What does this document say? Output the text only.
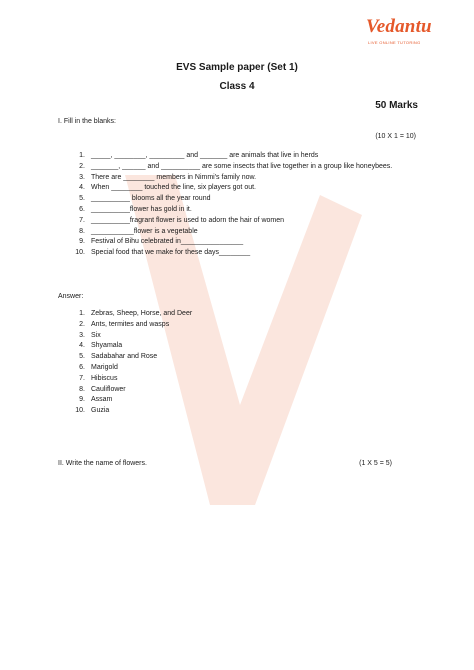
Vedantu
LIVE ONLINE TUTORING
EVS Sample paper (Set 1)
Class 4
50 Marks
I. Fill in the blanks:
(10 X 1 = 10)
1. _____, ________, _________ and _______ are animals that live in herds
2. _______, ______ and __________ are some insects that live together in a group like honeybees.
3. There are ________ members in Nimmi's family now.
4. When ________ touched the line, six players got out.
5. __________ blooms all the year round
6. __________flower has gold in it.
7. __________fragrant flower is used to adorn the hair of women
8. ___________flower is a vegetable
9. Festival of Bihu celebrated in________________
10. Special food that we make for these days________
Answer:
1. Zebras, Sheep, Horse, and Deer
2. Ants, termites and wasps
3. Six
4. Shyamala
5. Sadabahar and Rose
6. Marigold
7. Hibiscus
8. Cauliflower
9. Assam
10. Guzia
II. Write the name of flowers.	(1 X 5 = 5)
